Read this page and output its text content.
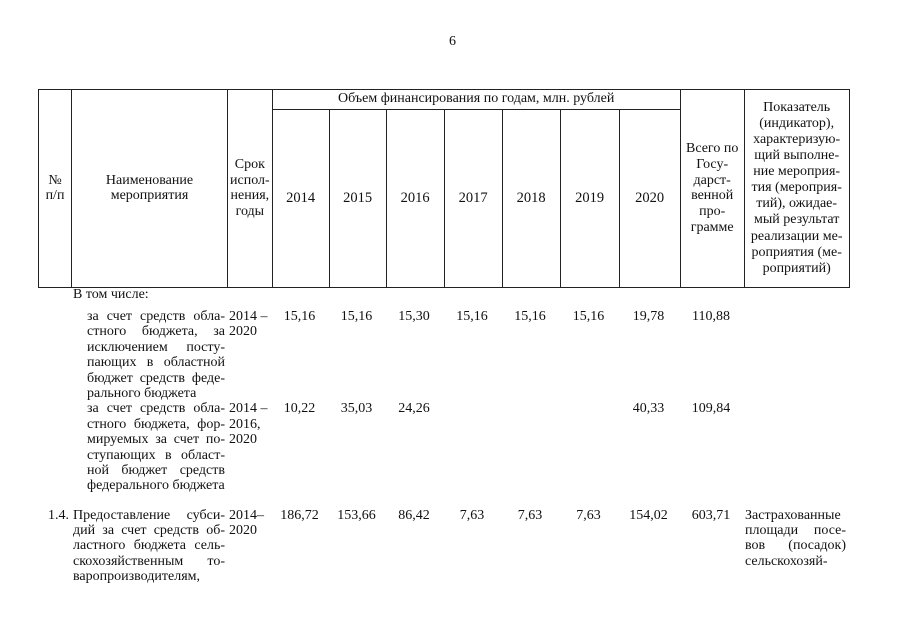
6
№ п/п	Наименование мероприятия	Срок испол-нения, годы	Объем финансирования по годам, млн. рублей							Всего по Госу-дарст-венной про-грамме	Показатель (индикатор), характеризую-щий выполне-ние мероприя-тия (мероприя-тий), ожидае-мый результат реализации ме-роприятия (ме-роприятий)
			2014	2015	2016	2017	2018	2019	2020		
	В том числе:										
	за счет средств обла-стного бюджета, за исключением посту-пающих в областной бюджет средств феде-рального бюджета	2014 – 2020	15,16	15,16	15,30	15,16	15,16	15,16	19,78	110,88	
	за счет средств обла-стного бюджета, фор-мируемых за счет по-ступающих в област-ной бюджет средств федерального бюджета	2014 – 2016, 2020	10,22	35,03	24,26				40,33	109,84	

1.4.	Предоставление субси-дий за счет средств об-ластного бюджета сель-скохозяйственным то-варопроизводителям,	2014– 2020	186,72	153,66	86,42	7,63	7,63	7,63	154,02	603,71	Застрахованные площади посе-вов (посадок) сельскохозяй-
